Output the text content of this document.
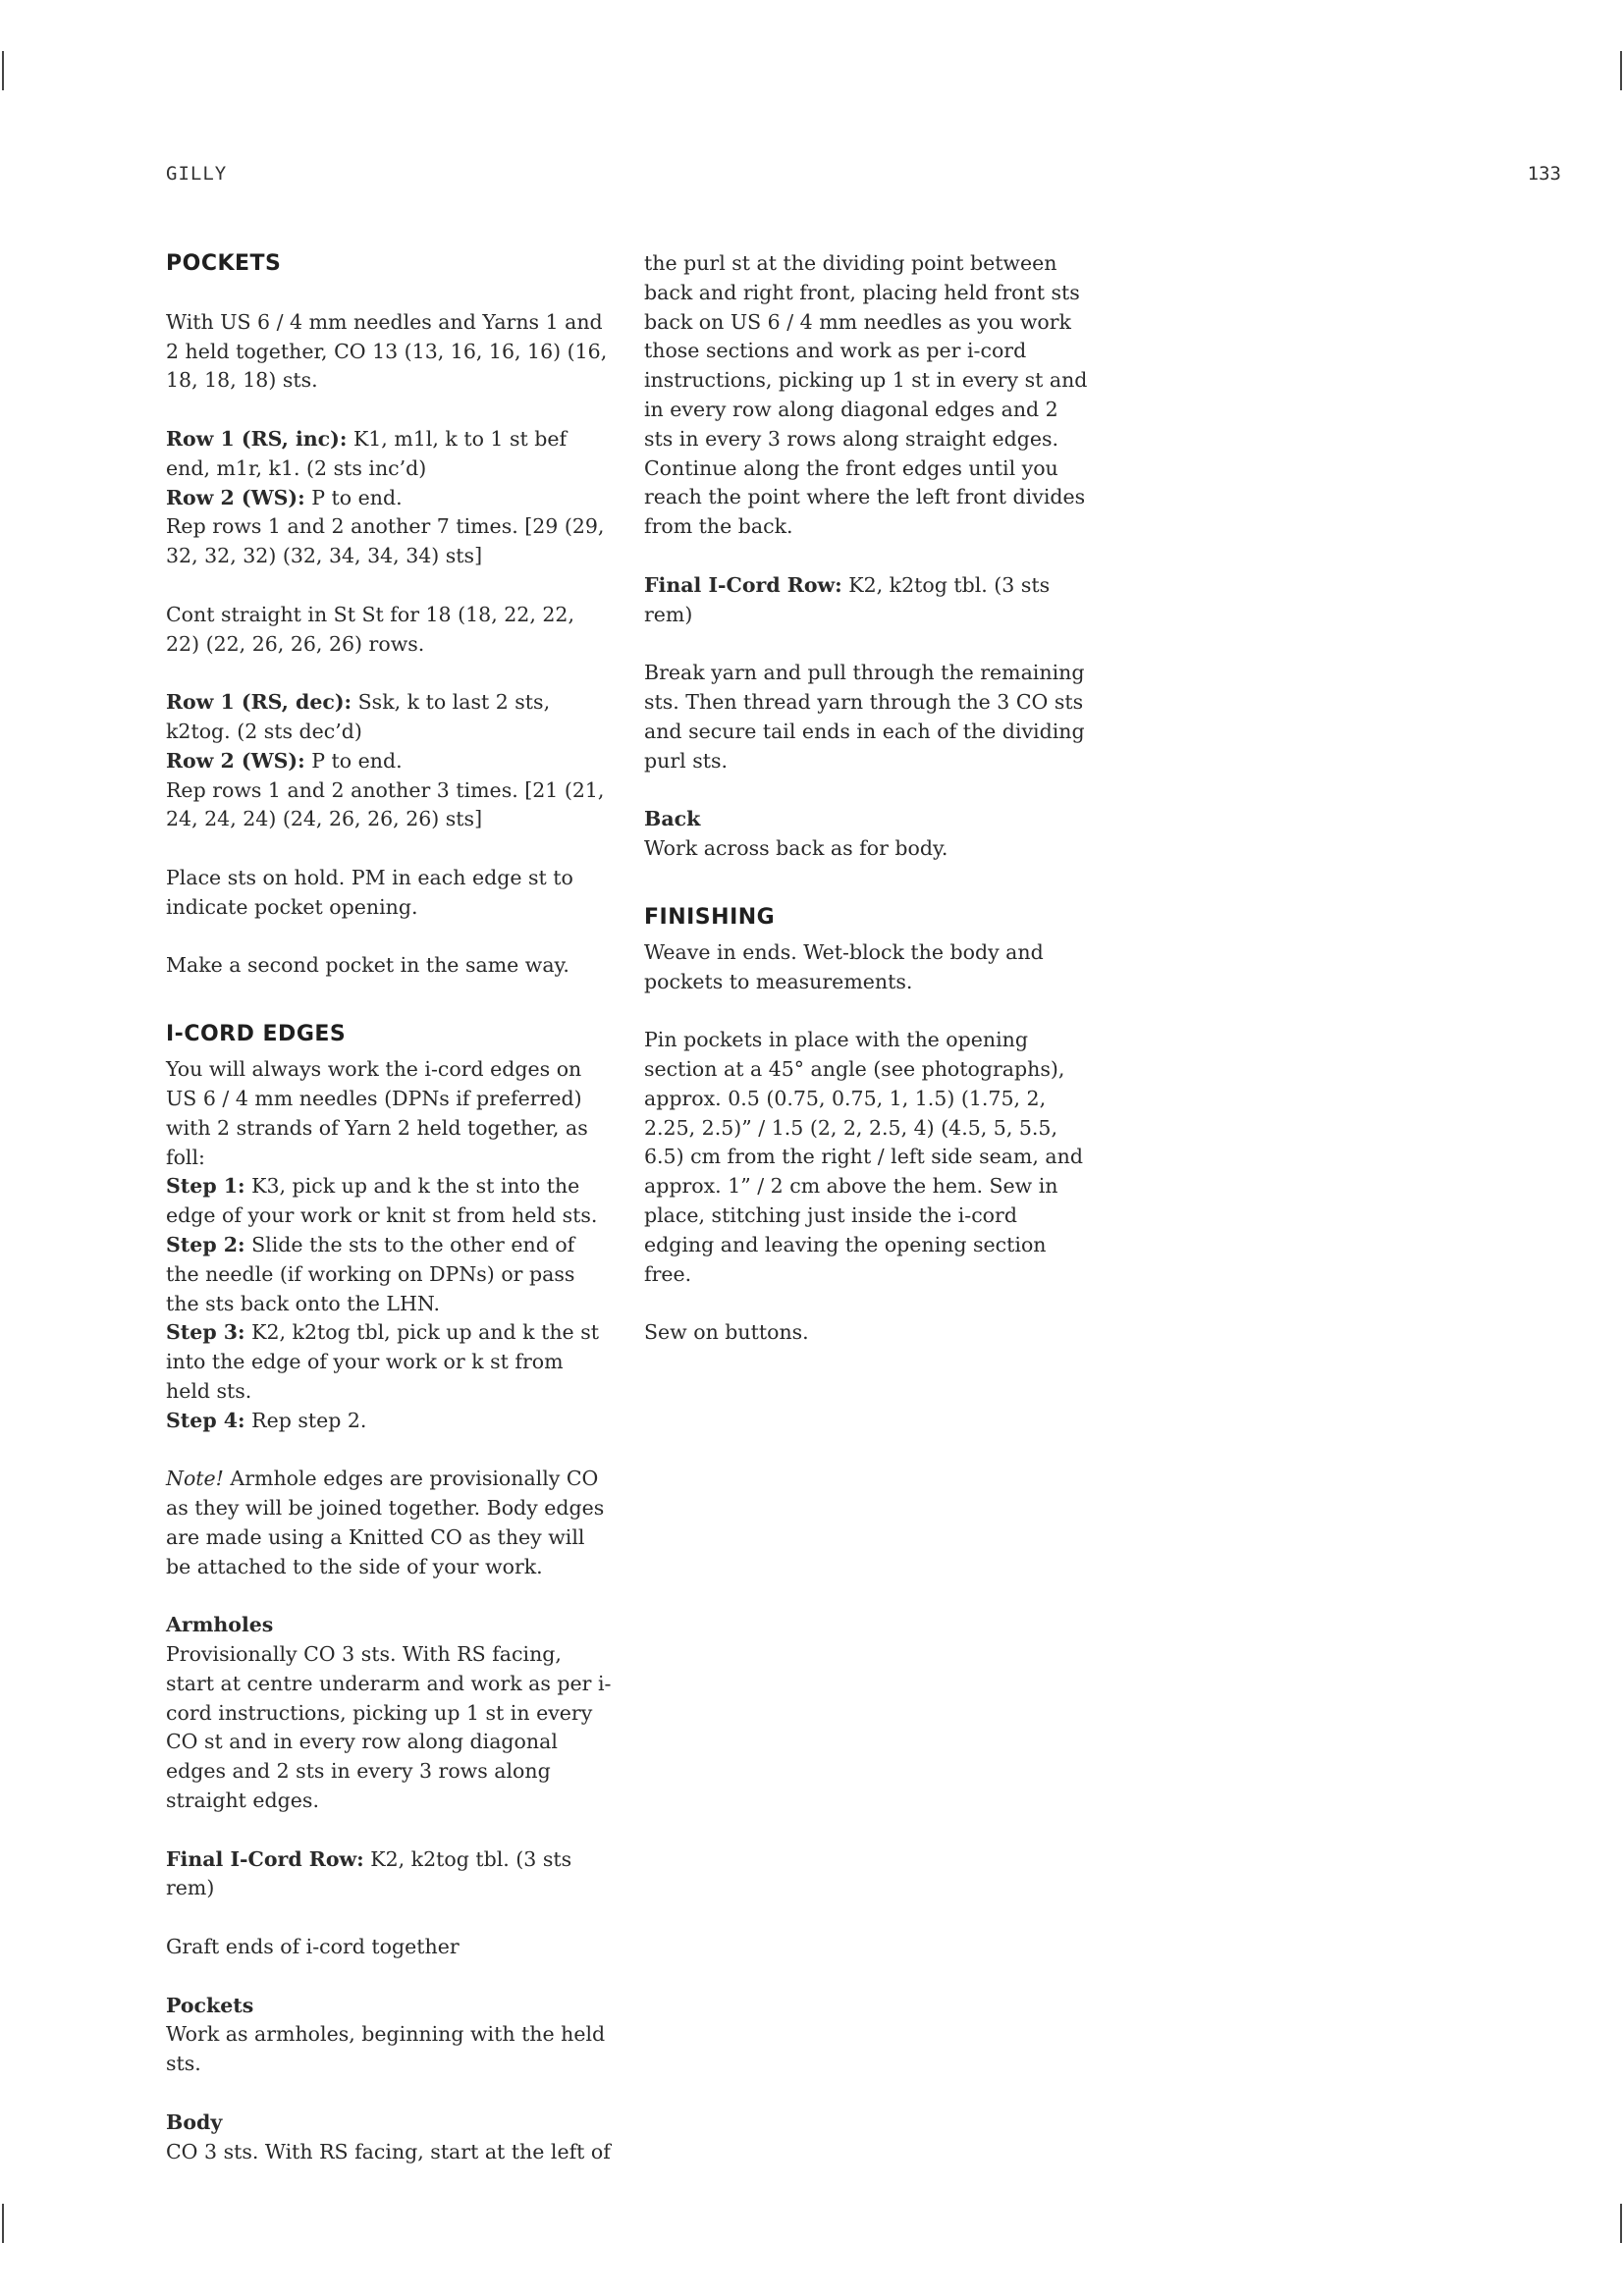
GILLY	133
POCKETS

With US 6 / 4 mm needles and Yarns 1 and 2 held together, CO 13 (13, 16, 16, 16) (16, 18, 18, 18) sts.

Row 1 (RS, inc): K1, m1l, k to 1 st bef end, m1r, k1. (2 sts inc’d)

Row 2 (WS): P to end.

Rep rows 1 and 2 another 7 times. [29 (29, 32, 32, 32) (32, 34, 34, 34) sts]

Cont straight in St St for 18 (18, 22, 22, 22) (22, 26, 26, 26) rows.

Row 1 (RS, dec): Ssk, k to last 2 sts, k2tog. (2 sts dec’d)

Row 2 (WS): P to end.

Rep rows 1 and 2 another 3 times. [21 (21, 24, 24, 24) (24, 26, 26, 26) sts]

Place sts on hold. PM in each edge st to indicate pocket opening.

Make a second pocket in the same way.

I-CORD EDGES

You will always work the i-cord edges on US 6 / 4 mm needles (DPNs if preferred) with 2 strands of Yarn 2 held together, as foll:

Step 1: K3, pick up and k the st into the edge of your work or knit st from held sts.

Step 2: Slide the sts to the other end of the needle (if working on DPNs) or pass the sts back onto the LHN.

Step 3: K2, k2tog tbl, pick up and k the st into the edge of your work or k st from held sts.

Step 4: Rep step 2.

Note! Armhole edges are provisionally CO as they will be joined together. Body edges are made using a Knitted CO as they will be attached to the side of your work.

Armholes

Provisionally CO 3 sts. With RS facing, start at centre underarm and work as per i-cord instructions, picking up 1 st in every CO st and in every row along diagonal edges and 2 sts in every 3 rows along straight edges.

Final I-Cord Row: K2, k2tog tbl. (3 sts rem)

Graft ends of i-cord together

Pockets

Work as armholes, beginning with the held sts.

Body

CO 3 sts. With RS facing, start at the left of

the purl st at the dividing point between back and right front, placing held front sts back on US 6 / 4 mm needles as you work those sections and work as per i-cord instructions, picking up 1 st in every st and in every row along diagonal edges and 2 sts in every 3 rows along straight edges. Continue along the front edges until you reach the point where the left front divides from the back.

Final I-Cord Row: K2, k2tog tbl. (3 sts rem)

Break yarn and pull through the remaining sts. Then thread yarn through the 3 CO sts and secure tail ends in each of the dividing purl sts.

Back

Work across back as for body.

FINISHING

Weave in ends. Wet-block the body and pockets to measurements.

Pin pockets in place with the opening section at a 45° angle (see photographs), approx. 0.5 (0.75, 0.75, 1, 1.5) (1.75, 2, 2.25, 2.5)” / 1.5 (2, 2, 2.5, 4) (4.5, 5, 5.5, 6.5) cm from the right / left side seam, and approx. 1” / 2 cm above the hem. Sew in place, stitching just inside the i-cord edging and leaving the opening section free.

Sew on buttons.
